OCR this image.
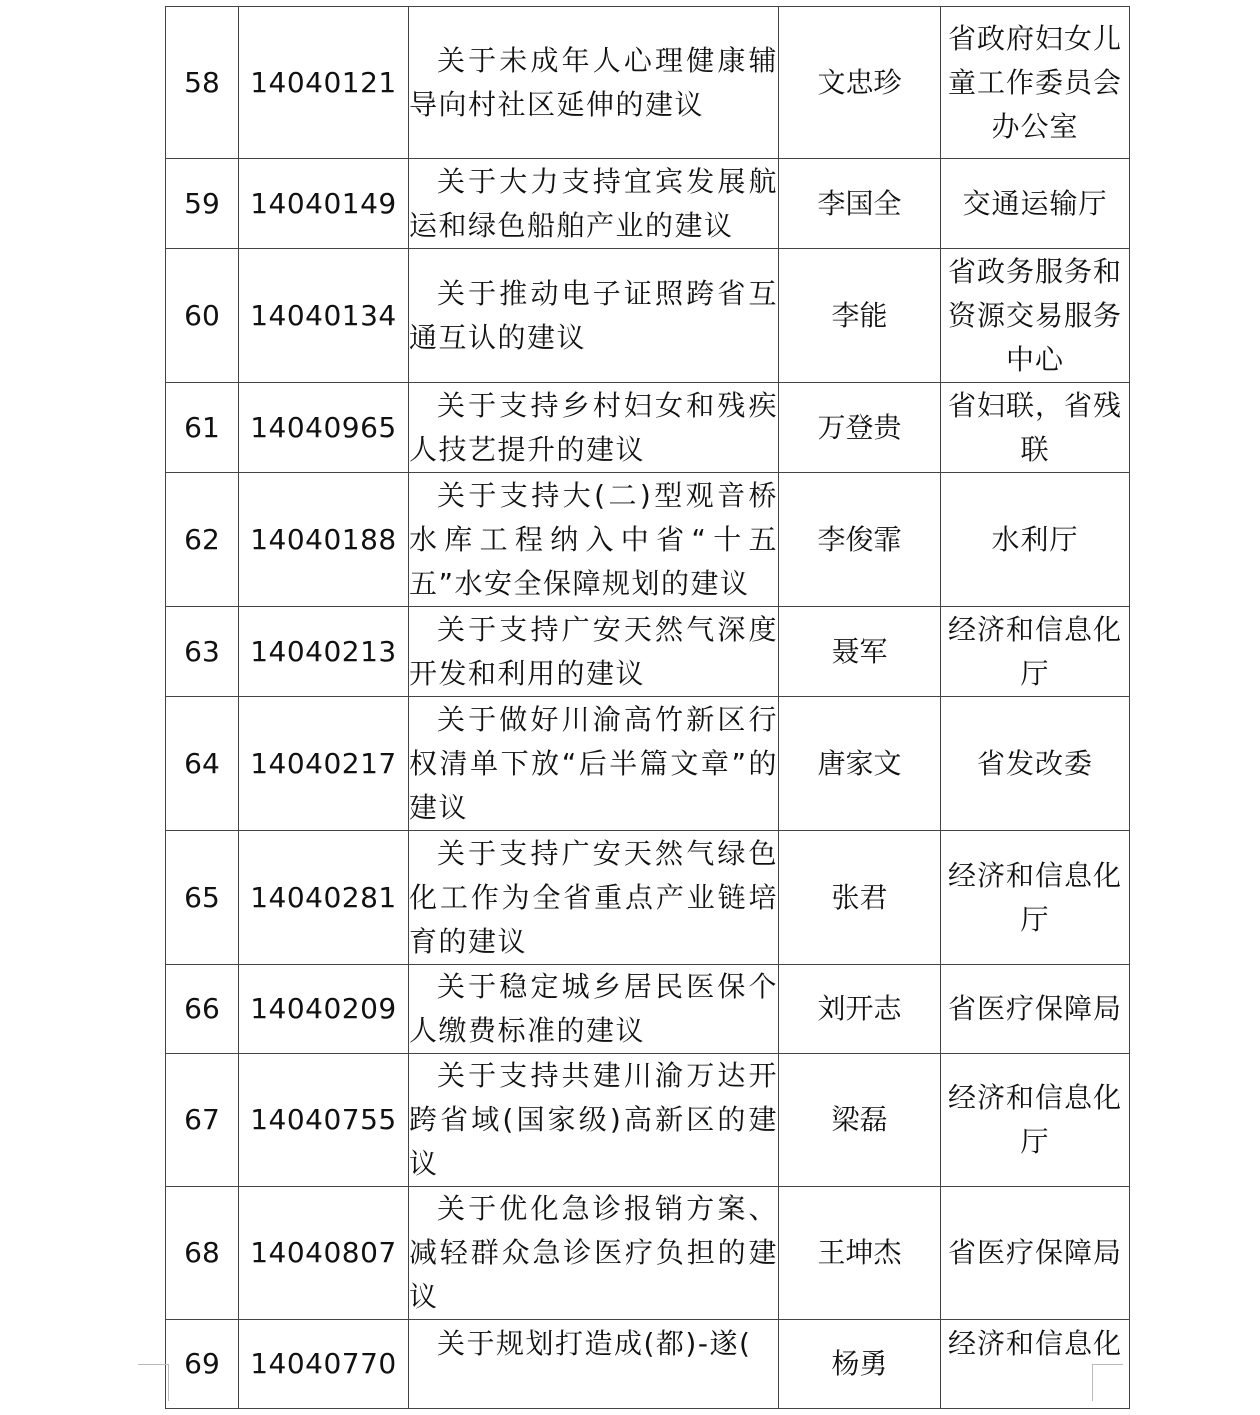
58	14040121	关于未成年人心理健康辅导向村社区延伸的建议	文忠珍	省政府妇女儿童工作委员会办公室
59	14040149	关于大力支持宜宾发展航运和绿色船舶产业的建议	李国全	交通运输厅
60	14040134	关于推动电子证照跨省互通互认的建议	李能	省政务服务和资源交易服务中心
61	14040965	关于支持乡村妇女和残疾人技艺提升的建议	万登贵	省妇联，省残联
62	14040188	关于支持大(二)型观音桥水库工程纳入中省“十五五”水安全保障规划的建议	李俊霏	水利厅
63	14040213	关于支持广安天然气深度开发和利用的建议	聂军	经济和信息化厅
64	14040217	关于做好川渝高竹新区行权清单下放“后半篇文章”的建议	唐家文	省发改委
65	14040281	关于支持广安天然气绿色化工作为全省重点产业链培育的建议	张君	经济和信息化厅
66	14040209	关于稳定城乡居民医保个人缴费标准的建议	刘开志	省医疗保障局
67	14040755	关于支持共建川渝万达开跨省域(国家级)高新区的建议	梁磊	经济和信息化厅
68	14040807	关于优化急诊报销方案、减轻群众急诊医疗负担的建议	王坤杰	省医疗保障局
69	14040770	关于规划打造成(都)-遂(	杨勇	经济和信息化
